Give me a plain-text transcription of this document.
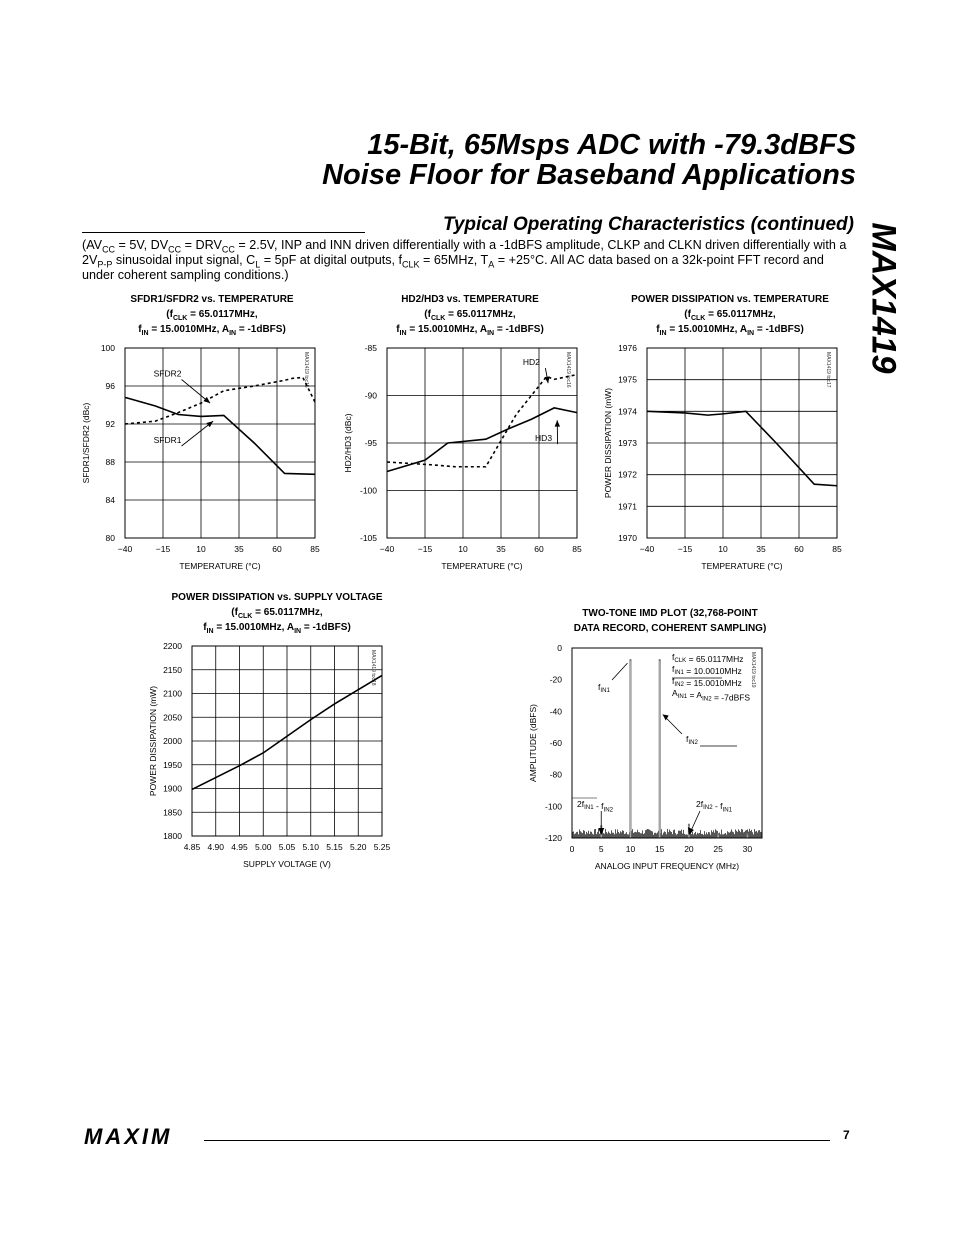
15-Bit, 65Msps ADC with -79.3dBFS
Noise Floor for Baseband Applications
MAX1419
Typical Operating Characteristics (continued)
($AV_{CC} = 5V$, $DV_{CC} = DRV_{CC} = 2.5V$, INP and INN driven differentially with a -1dBFS amplitude, CLKP and CLKN driven differentially with a $2V_{P-P}$ sinusoidal input signal, $C_L = 5pF$ at digital outputs, $f_{CLK} = 65MHz$, $T_A = +25^\circ C$. All AC data based on a 32k-point FFT record and under coherent sampling conditions.)
SFDR1/SFDR2 vs. TEMPERATURE
($f_{CLK} = 65.0117MHz$,
$f_{IN} = 15.0010MHz$, $A_{IN}$ = -1dBFS)
−40	−15	10	35	60	85
80
84
88
92
96
100
TEMPERATURE (°C)
SFDR1/SFDR2 (dBc)
MAX1419 toc15
SFDR2
SFDR1
HD2/HD3 vs. TEMPERATURE
($f_{CLK} = 65.0117MHz$,
$f_{IN} = 15.0010MHz$, $A_{IN}$ = -1dBFS)
−40	−15	10	35	60	85
-85
-90
-95
-100
-105
TEMPERATURE (°C)
HD2/HD3 (dBc)
MAX1419 toc16
HD2
HD3
POWER DISSIPATION vs. TEMPERATURE
($f_{CLK} = 65.0117MHz$,
$f_{IN} = 15.0010MHz$, $A_{IN}$ = -1dBFS)
−40	−15	10	35	60	85
1970
1971
1972
1973
1974
1975
1976
TEMPERATURE (°C)
POWER DISSIPATION (mW)
MAX1419 toc17
POWER DISSIPATION vs. SUPPLY VOLTAGE
($f_{CLK} = 65.0117MHz$,
$f_{IN} = 15.0010MHz$, $A_{IN}$ = -1dBFS)
4.85 4.90 4.95 5.00 5.05 5.10 5.15 5.20 5.25
1800
1850
1900
1950
2000
2050
2100
2150
2200
SUPPLY VOLTAGE (V)
POWER DISSIPATION (mW)
MAX1419 toc18
TWO-TONE IMD PLOT (32,768-POINT
DATA RECORD, COHERENT SAMPLING)
0	5	10 15 20 25 30
0
-20
-40
-60
-80
-100
-120
ANALOG INPUT FREQUENCY (MHz)
AMPLITUDE (dBFS)
MAX1419 toc19
$f_{CLK} = 65.0117MHz$
$f_{IN1} = 10.0010MHz$
$f_{IN2} = 15.0010MHz$
$A_{IN1} = A_{IN2}$ = -7dBFS
$f_{IN1}$
$f_{IN2}$
$2f_{IN1} - f_{IN2}$
$2f_{IN2} - f_{IN1}$
MAXIM	7
